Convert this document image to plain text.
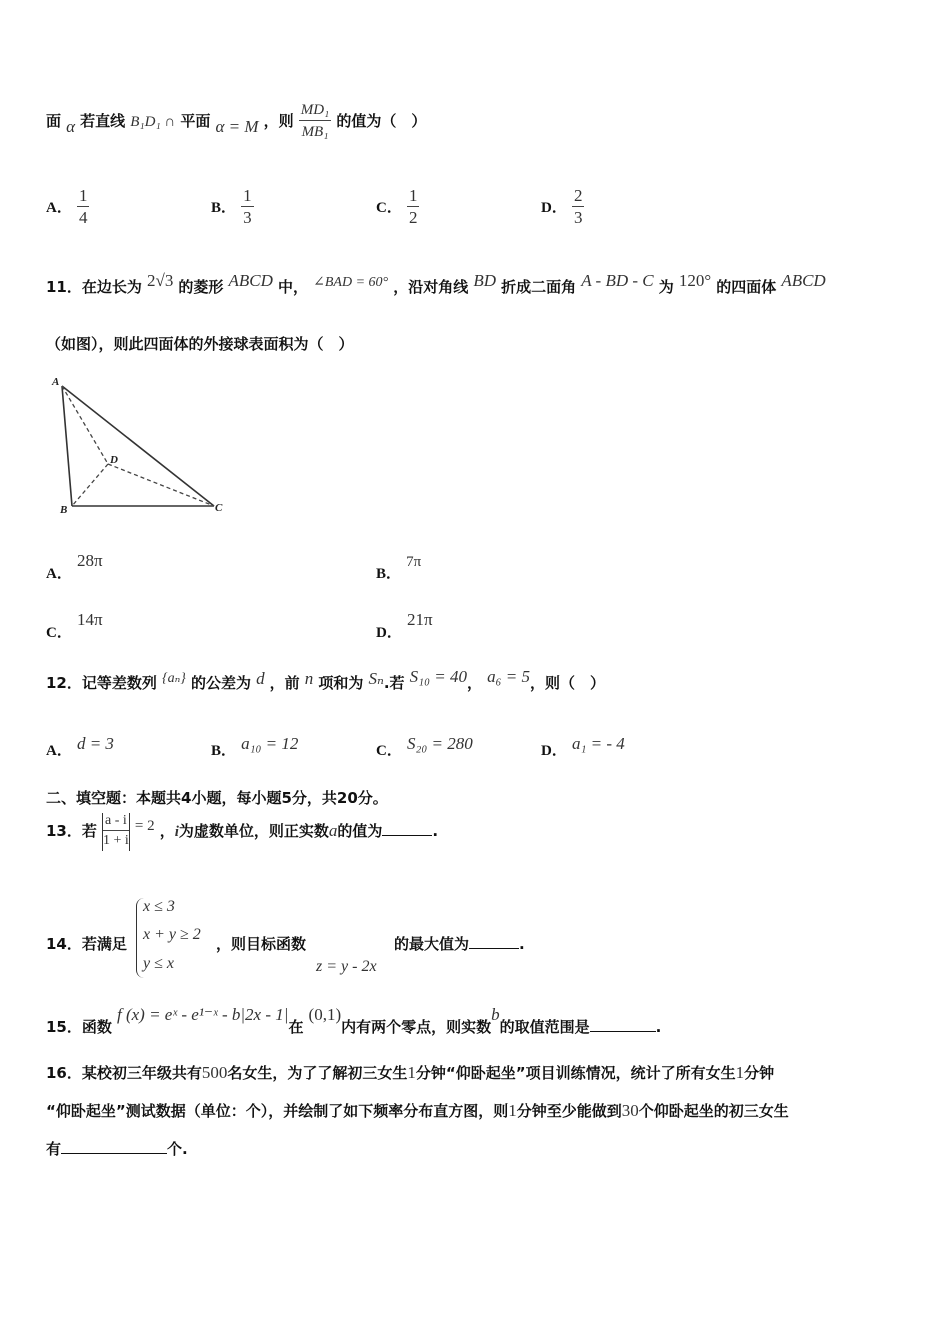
面 α 若直线 B₁D₁ ∩ 平面 α = M ，则 $\frac{\text{MD₁}}{\text{MB₁}}$ 的值为（　）
A． $\frac{1}{4}$	B． $\frac{1}{3}$	C． $\frac{1}{2}$	D． $\frac{2}{3}$
11．在边长为 2√3 的菱形 ABCD 中， ∠BAD = 60° ，沿对角线 BD 折成二面角 A - BD - C 为 120° 的四面体 ABCD
（如图），则此四面体的外接球表面积为（　）
A
B	C
D
A． 28π
B． 7π
C． 14π
D． 21π
12．记等差数列 {aₙ} 的公差为 d ，前 n 项和为 Sₙ.若 S₁₀ = 40， a₆ = 5，则（　）
A． d = 3	B． a₁₀ = 12	C． S₂₀ = 280	D． a₁ = - 4
二、填空题：本题共4小题，每小题5分，共20分。
13．若 $\frac{a - i}{1 + i} = 2$ ，i为虚数单位，则正实数a的值为	.
x ≤ 3
x + y ≥ 2
y ≤ x
14．若满足	，则目标函数	的最大值为	.
z = y - 2x
15．函数 f (x) = eˣ - e¹⁻ˣ - b|2x - 1|在 (0,1)内有两个零点，则实数b的取值范围是	.
16．某校初三年级共有500名女生，为了了解初三女生1分钟“仰卧起坐”项目训练情况，统计了所有女生1分钟
“仰卧起坐”测试数据（单位：个），并绘制了如下频率分布直方图，则1分钟至少能做到30个仰卧起坐的初三女生
有	个.
